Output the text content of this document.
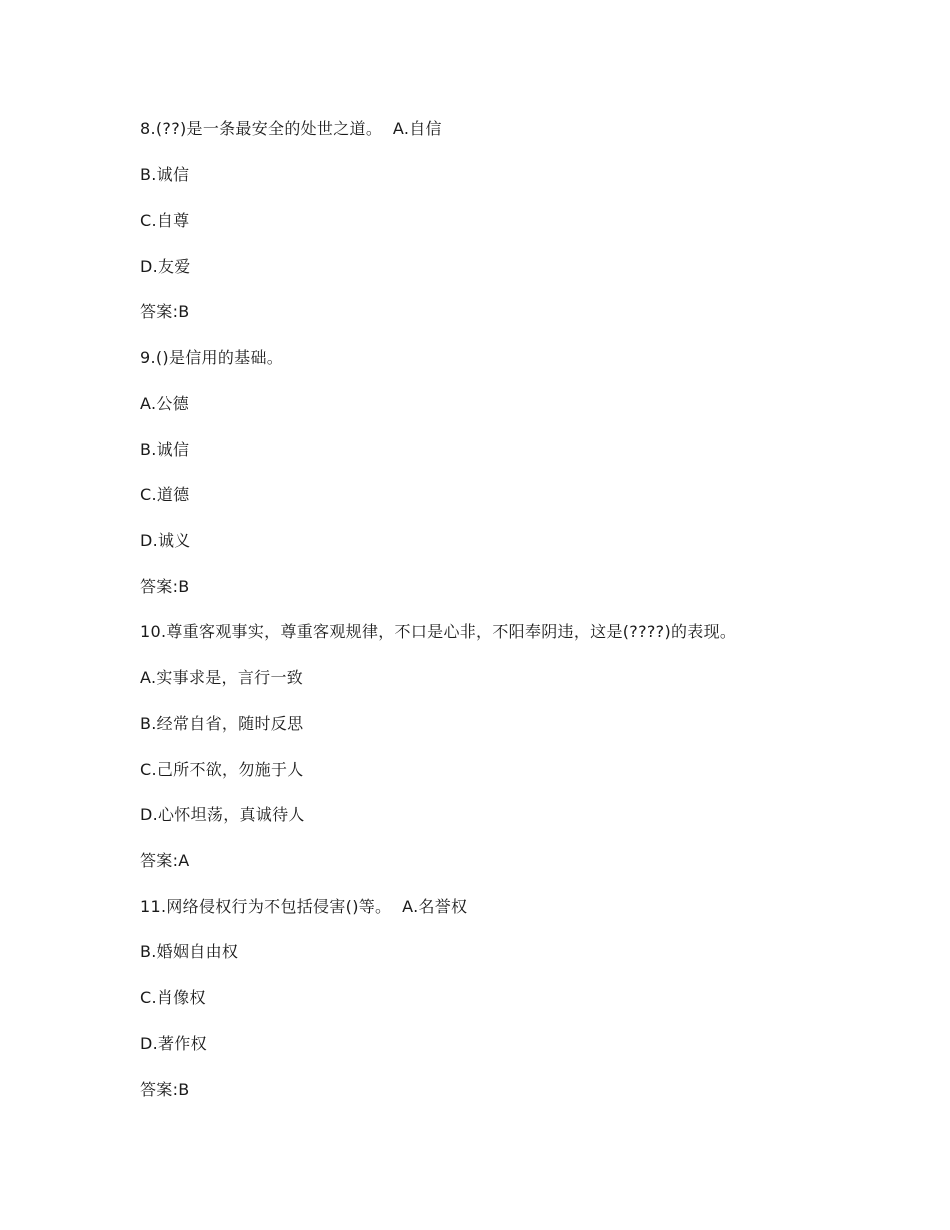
8.(??)是一条最安全的处世之道。  A.自信
B.诚信
C.自尊
D.友爱
答案:B
9.()是信用的基础。
A.公德
B.诚信
C.道德
D.诚义
答案:B
10.尊重客观事实，尊重客观规律，不口是心非，不阳奉阴违，这是(????)的表现。
A.实事求是，言行一致
B.经常自省，随时反思
C.己所不欲，勿施于人
D.心怀坦荡，真诚待人
答案:A
11.网络侵权行为不包括侵害()等。  A.名誉权
B.婚姻自由权
C.肖像权
D.著作权
答案:B
